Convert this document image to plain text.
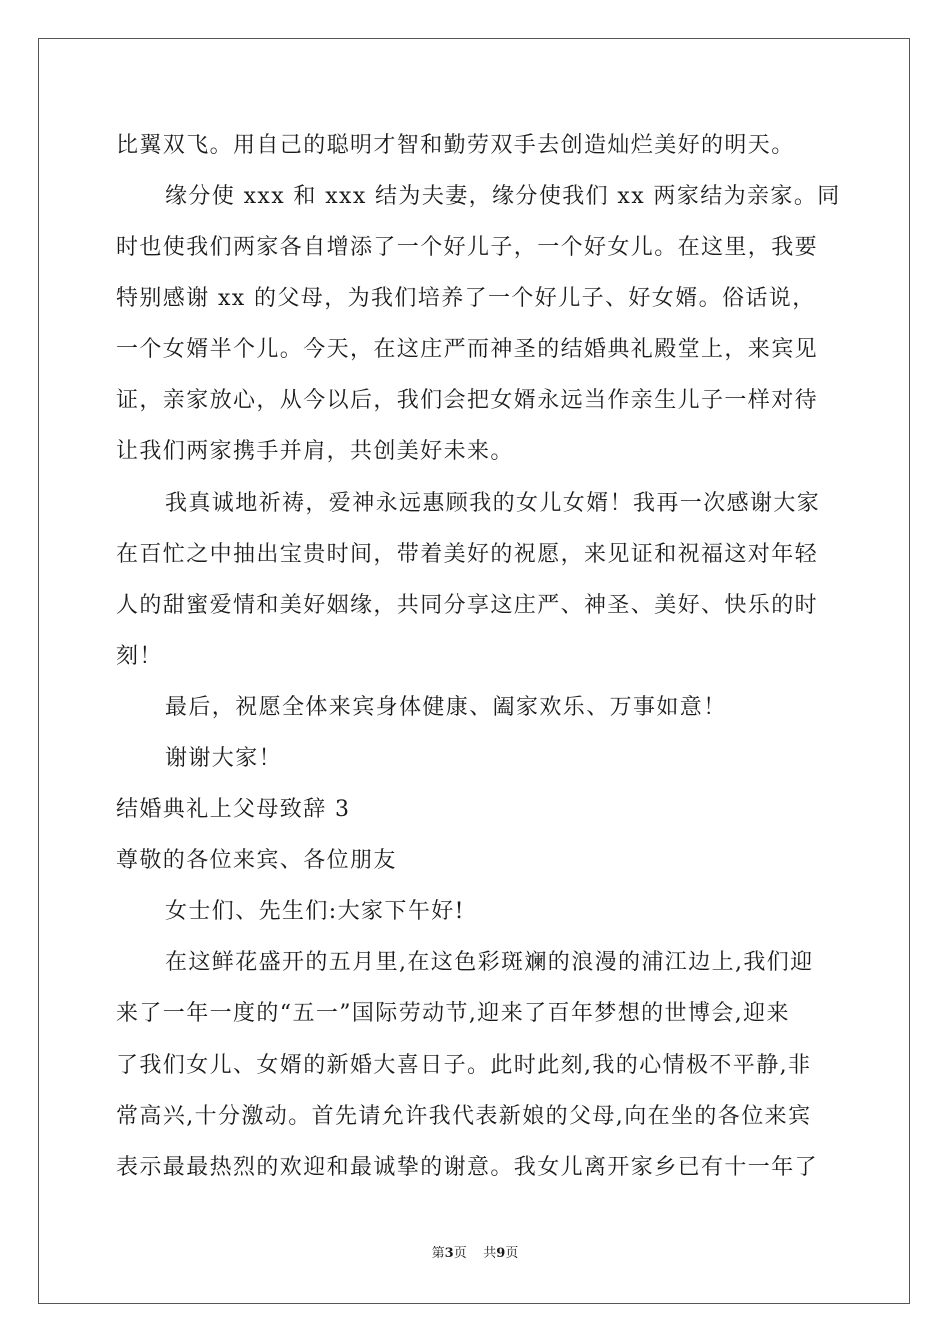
比翼双飞。用自己的聪明才智和勤劳双手去创造灿烂美好的明天。
缘分使 xxx 和 xxx 结为夫妻，缘分使我们 xx 两家结为亲家。同
时也使我们两家各自增添了一个好儿子，一个好女儿。在这里，我要
特别感谢 xx 的父母，为我们培养了一个好儿子、好女婿。俗话说，
一个女婿半个儿。今天，在这庄严而神圣的结婚典礼殿堂上，来宾见
证，亲家放心，从今以后，我们会把女婿永远当作亲生儿子一样对待
让我们两家携手并肩，共创美好未来。
我真诚地祈祷，爱神永远惠顾我的女儿女婿！我再一次感谢大家
在百忙之中抽出宝贵时间，带着美好的祝愿，来见证和祝福这对年轻
人的甜蜜爱情和美好姻缘，共同分享这庄严、神圣、美好、快乐的时
刻！
最后，祝愿全体来宾身体健康、阖家欢乐、万事如意！
谢谢大家！
结婚典礼上父母致辞 3
尊敬的各位来宾、各位朋友
女士们、先生们:大家下午好!
在这鲜花盛开的五月里,在这色彩斑斓的浪漫的浦江边上,我们迎
来了一年一度的“五一”国际劳动节,迎来了百年梦想的世博会,迎来
了我们女儿、女婿的新婚大喜日子。此时此刻,我的心情极不平静,非
常高兴,十分激动。首先请允许我代表新娘的父母,向在坐的各位来宾
表示最最热烈的欢迎和最诚挚的谢意。我女儿离开家乡已有十一年了
第3页 共9页
